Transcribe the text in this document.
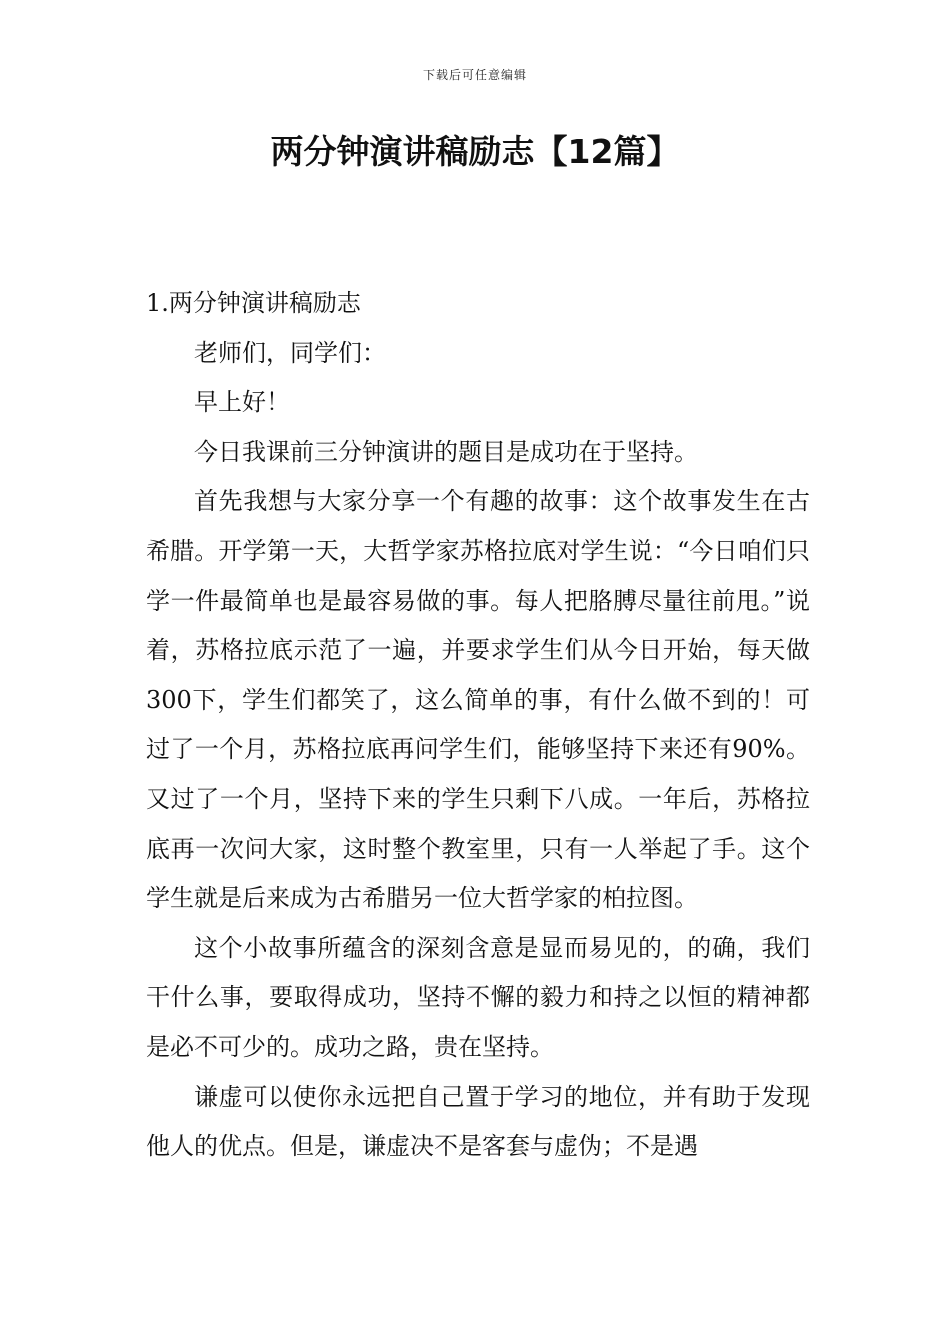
下载后可任意编辑
两分钟演讲稿励志【12篇】

1.两分钟演讲稿励志

老师们，同学们：

早上好！

今日我课前三分钟演讲的题目是成功在于坚持。

首先我想与大家分享一个有趣的故事：这个故事发生在古希腊。开学第一天，大哲学家苏格拉底对学生说：“今日咱们只学一件最简单也是最容易做的事。每人把胳膊尽量往前甩。”说着，苏格拉底示范了一遍，并要求学生们从今日开始，每天做300下，学生们都笑了，这么简单的事，有什么做不到的！可过了一个月，苏格拉底再问学生们，能够坚持下来还有90%。又过了一个月，坚持下来的学生只剩下八成。一年后，苏格拉底再一次问大家，这时整个教室里，只有一人举起了手。这个学生就是后来成为古希腊另一位大哲学家的柏拉图。

这个小故事所蕴含的深刻含意是显而易见的，的确，我们干什么事，要取得成功，坚持不懈的毅力和持之以恒的精神都是必不可少的。成功之路，贵在坚持。

谦虚可以使你永远把自己置于学习的地位，并有助于发现他人的优点。但是，谦虚决不是客套与虚伪；不是遇
